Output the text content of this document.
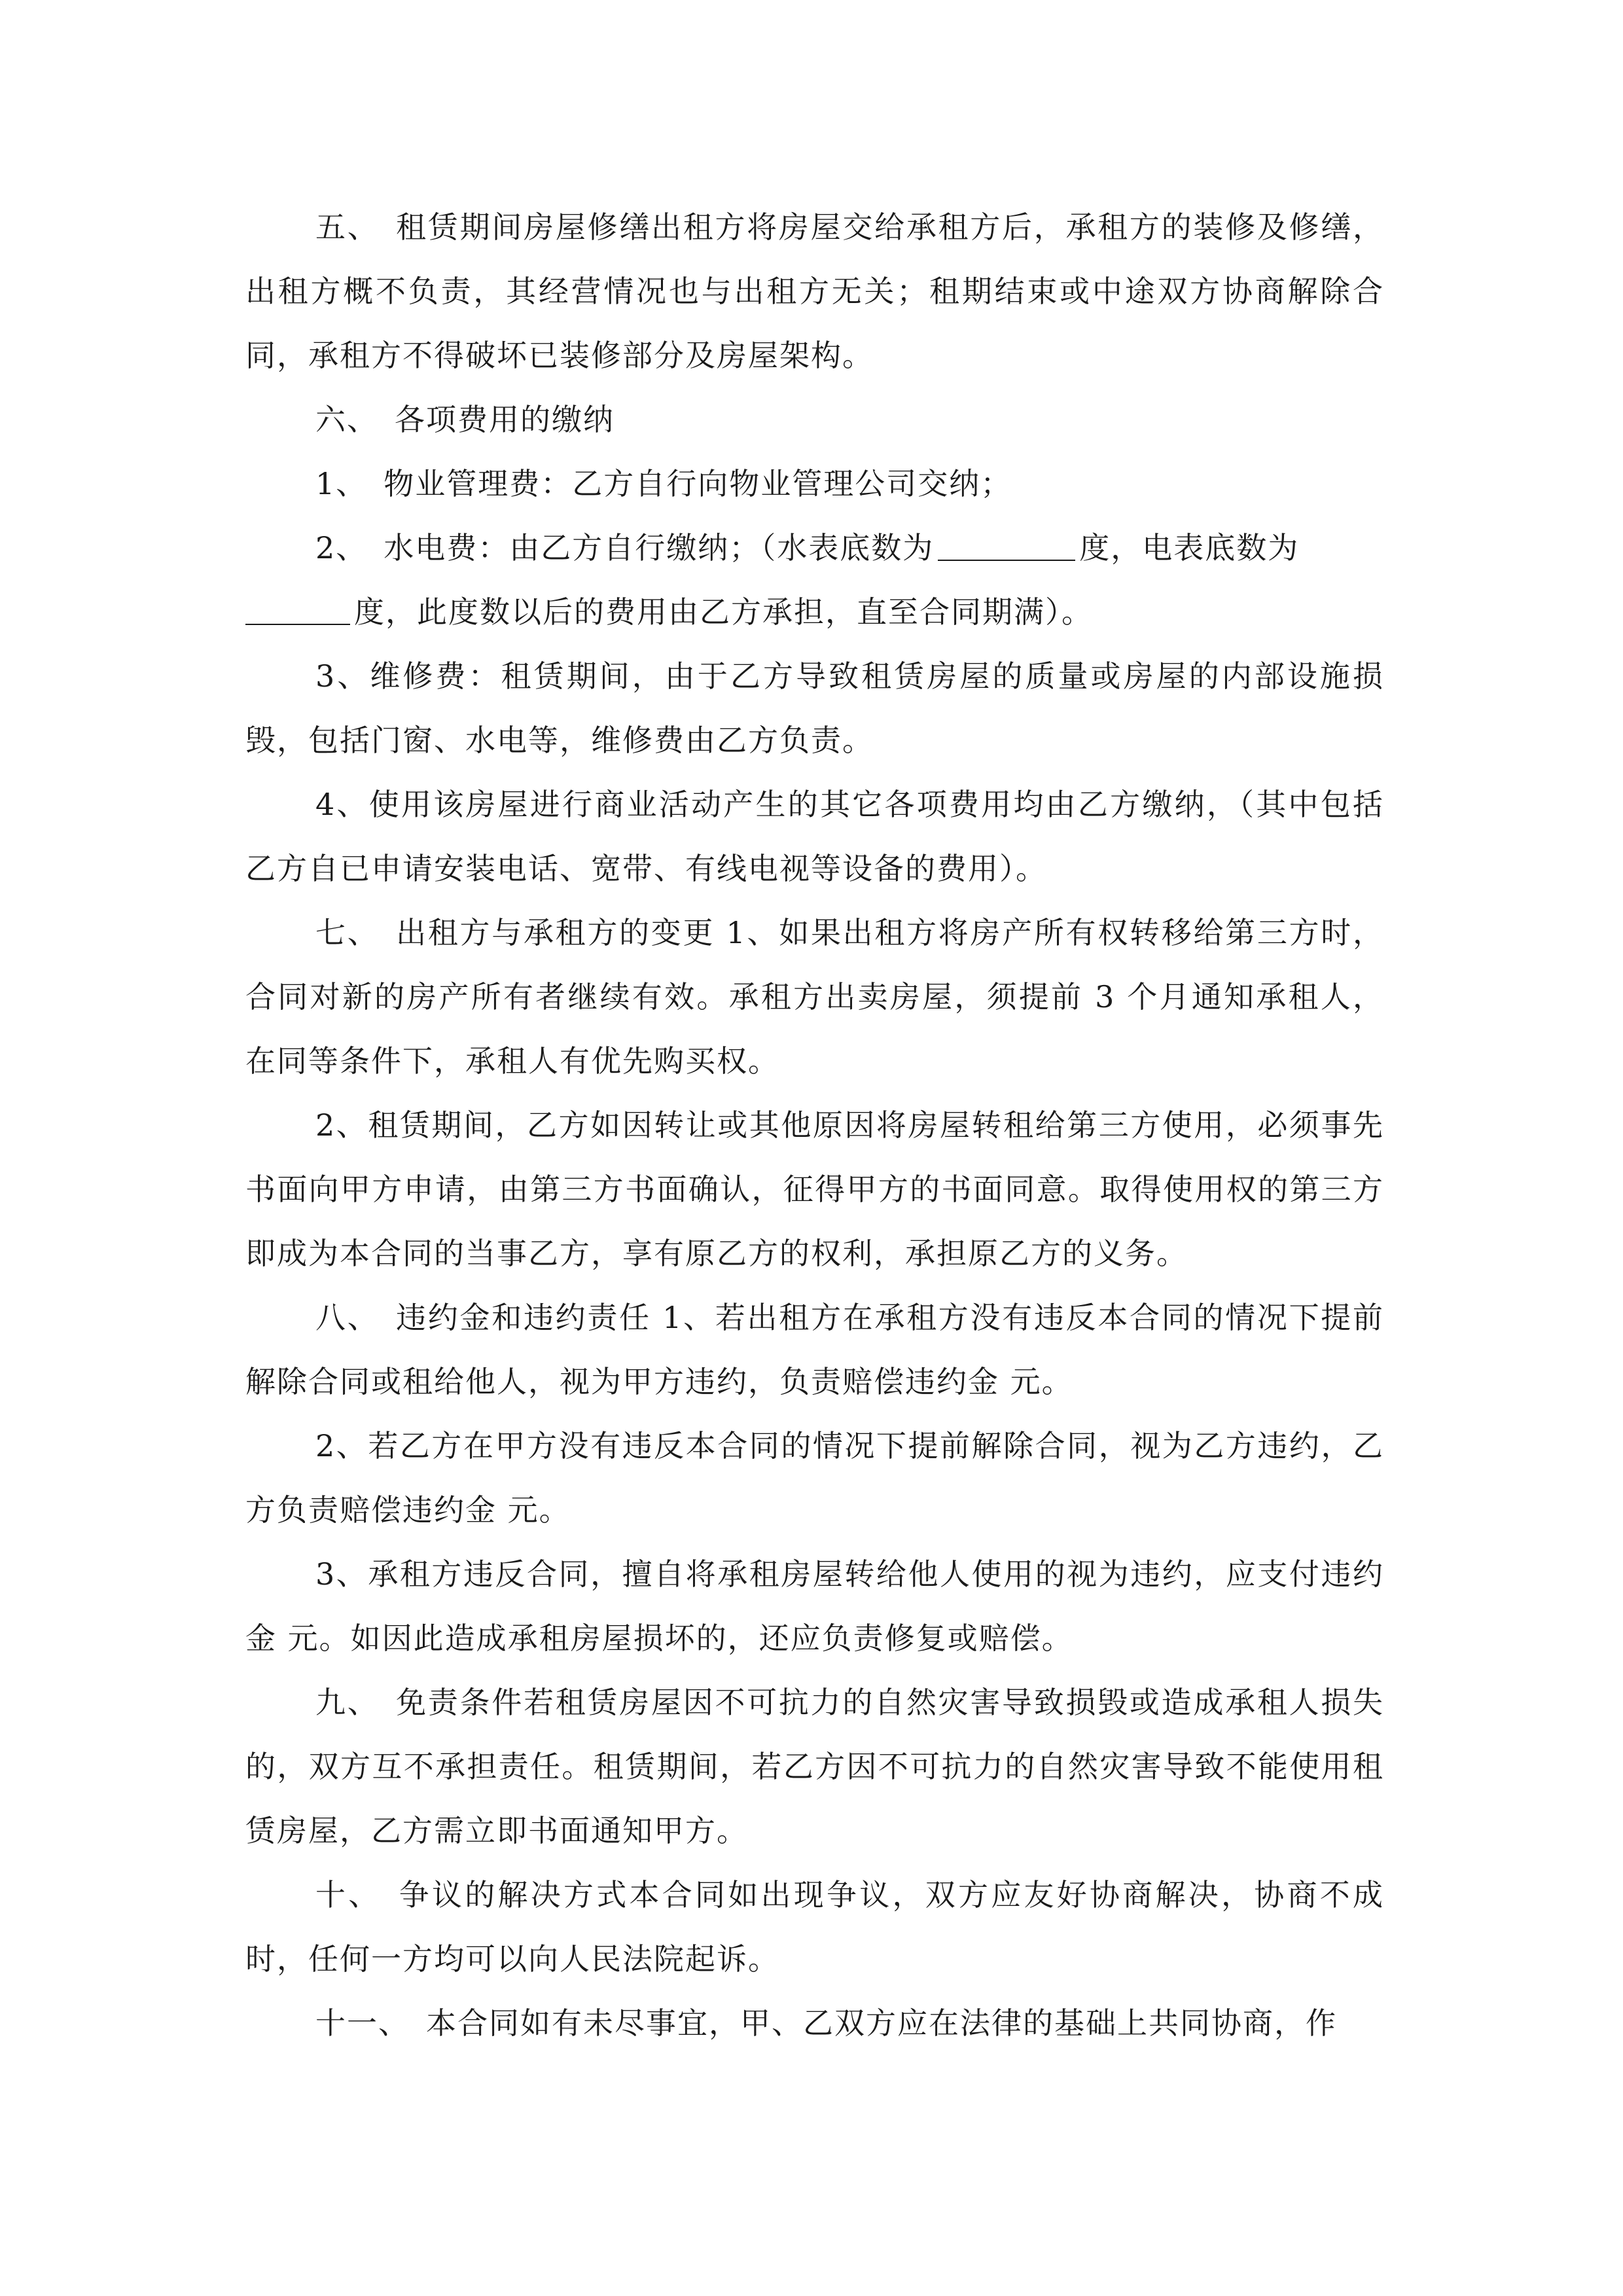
五、　租赁期间房屋修缮出租方将房屋交给承租方后，承租方的装修及修缮，出租方概不负责，其经营情况也与出租方无关；租期结束或中途双方协商解除合同，承租方不得破坏已装修部分及房屋架构。

六、　各项费用的缴纳

1、　物业管理费：乙方自行向物业管理公司交纳；

2、　水电费：由乙方自行缴纳；（水表底数为	度，电表底数为
度，此度数以后的费用由乙方承担，直至合同期满）。

3、维修费：租赁期间，由于乙方导致租赁房屋的质量或房屋的内部设施损毁，包括门窗、水电等，维修费由乙方负责。

4、使用该房屋进行商业活动产生的其它各项费用均由乙方缴纳，（其中包括乙方自已申请安装电话、宽带、有线电视等设备的费用）。

七、　出租方与承租方的变更 1、如果出租方将房产所有权转移给第三方时，合同对新的房产所有者继续有效。承租方出卖房屋，须提前 3 个月通知承租人，在同等条件下，承租人有优先购买权。

2、租赁期间，乙方如因转让或其他原因将房屋转租给第三方使用，必须事先书面向甲方申请，由第三方书面确认，征得甲方的书面同意。取得使用权的第三方即成为本合同的当事乙方，享有原乙方的权利，承担原乙方的义务。

八、　违约金和违约责任 1、若出租方在承租方没有违反本合同的情况下提前解除合同或租给他人，视为甲方违约，负责赔偿违约金 元。

2、若乙方在甲方没有违反本合同的情况下提前解除合同，视为乙方违约，乙方负责赔偿违约金 元。

3、承租方违反合同，擅自将承租房屋转给他人使用的视为违约，应支付违约金 元。如因此造成承租房屋损坏的，还应负责修复或赔偿。

九、　免责条件若租赁房屋因不可抗力的自然灾害导致损毁或造成承租人损失的，双方互不承担责任。租赁期间，若乙方因不可抗力的自然灾害导致不能使用租赁房屋，乙方需立即书面通知甲方。

十、　争议的解决方式本合同如出现争议，双方应友好协商解决，协商不成时，任何一方均可以向人民法院起诉。

十一、　本合同如有未尽事宜，甲、乙双方应在法律的基础上共同协商，作
